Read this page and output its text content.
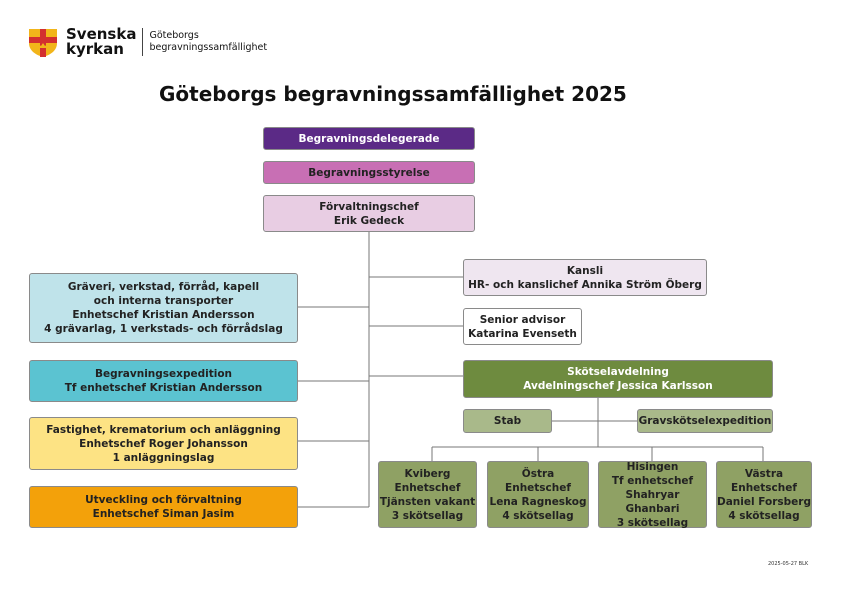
Svenska
kyrkan
Göteborgs
begravningssamfällighet
Göteborgs begravningssamfällighet 2025
Begravningsdelegerade
Begravningsstyrelse
Förvaltningschef
Erik Gedeck
Gräveri, verkstad, förråd, kapell
och interna transporter
Enhetschef Kristian Andersson
4 grävarlag, 1 verkstads- och förrådslag
Begravningsexpedition
Tf enhetschef Kristian Andersson
Fastighet, krematorium och anläggning
Enhetschef Roger Johansson
1 anläggningslag
Utveckling och förvaltning
Enhetschef Siman Jasim
Kansli
HR- och kanslichef Annika Ström Öberg
Senior advisor
Katarina Evenseth
Skötselavdelning
Avdelningschef Jessica Karlsson
Stab	Gravskötselexpedition
Kviberg
Enhetschef
Tjänsten vakant
3 skötsellag
Östra
Enhetschef
Lena Ragneskog
4 skötsellag
Hisingen
Tf enhetschef
Shahryar Ghanbari
3 skötsellag
Västra
Enhetschef
Daniel Forsberg
4 skötsellag
2025-05-27 BLK
